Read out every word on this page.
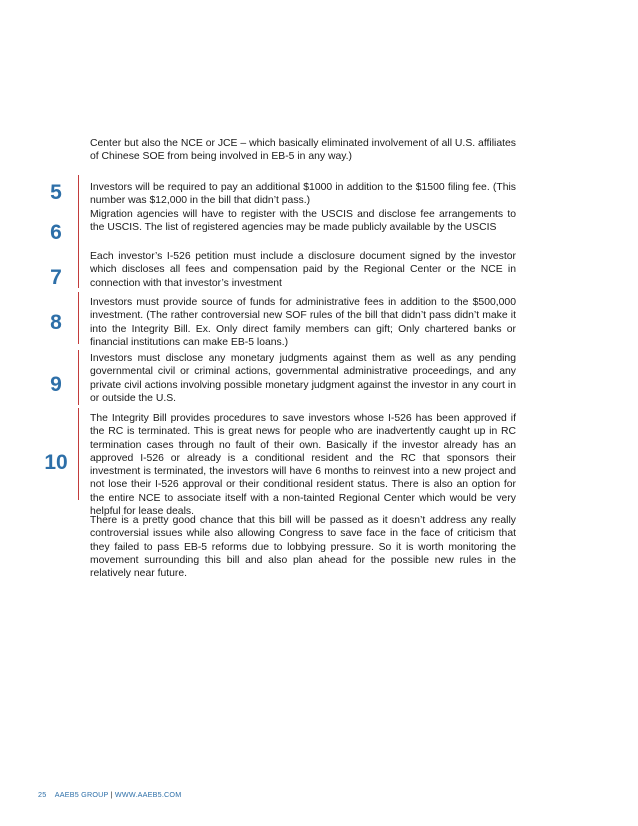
Center but also the NCE or JCE – which basically eliminated involvement of all U.S. affiliates of Chinese SOE from being involved in EB-5 in any way.)

5	Investors will be required to pay an additional $1000 in addition to the $1500 filing fee. (This number was $12,000 in the bill that didn’t pass.)

6

Migration agencies will have to register with the USCIS and disclose fee arrangements to the USCIS. The list of registered agencies may be made publicly available by the USCIS

7

Each investor’s I-526 petition must include a disclosure document signed by the investor which discloses all fees and compensation paid by the Regional Center or the NCE in connection with that investor’s investment

8

Investors must provide source of funds for administrative fees in addition to the $500,000 investment. (The rather controversial new SOF rules of the bill that didn’t pass didn’t make it into the Integrity Bill. Ex. Only direct family members can gift; Only chartered banks or financial institutions can make EB-5 loans.)

9

Investors must disclose any monetary judgments against them as well as any pending governmental civil or criminal actions, governmental administrative proceedings, and any private civil actions involving possible monetary judgment against the investor in any court in or outside the U.S.

10

The Integrity Bill provides procedures to save investors whose I-526 has been approved if the RC is terminated. This is great news for people who are inadvertently caught up in RC termination cases through no fault of their own. Basically if the investor already has an approved I-526 or already is a conditional resident and the RC that sponsors their investment is terminated, the investors will have 6 months to reinvest into a new project and not lose their I-526 approval or their conditional resident status. There is also an option for the entire NCE to associate itself with a non-tainted Regional Center which would be very helpful for lease deals.

There is a pretty good chance that this bill will be passed as it doesn’t address any really controversial issues while also allowing Congress to save face in the face of criticism that they failed to pass EB-5 reforms due to lobbying pressure. So it is worth monitoring the movement surrounding this bill and also plan ahead for the possible new rules in the relatively near future.

25 AAEB5 GROUP | WWW.AAEB5.COM
